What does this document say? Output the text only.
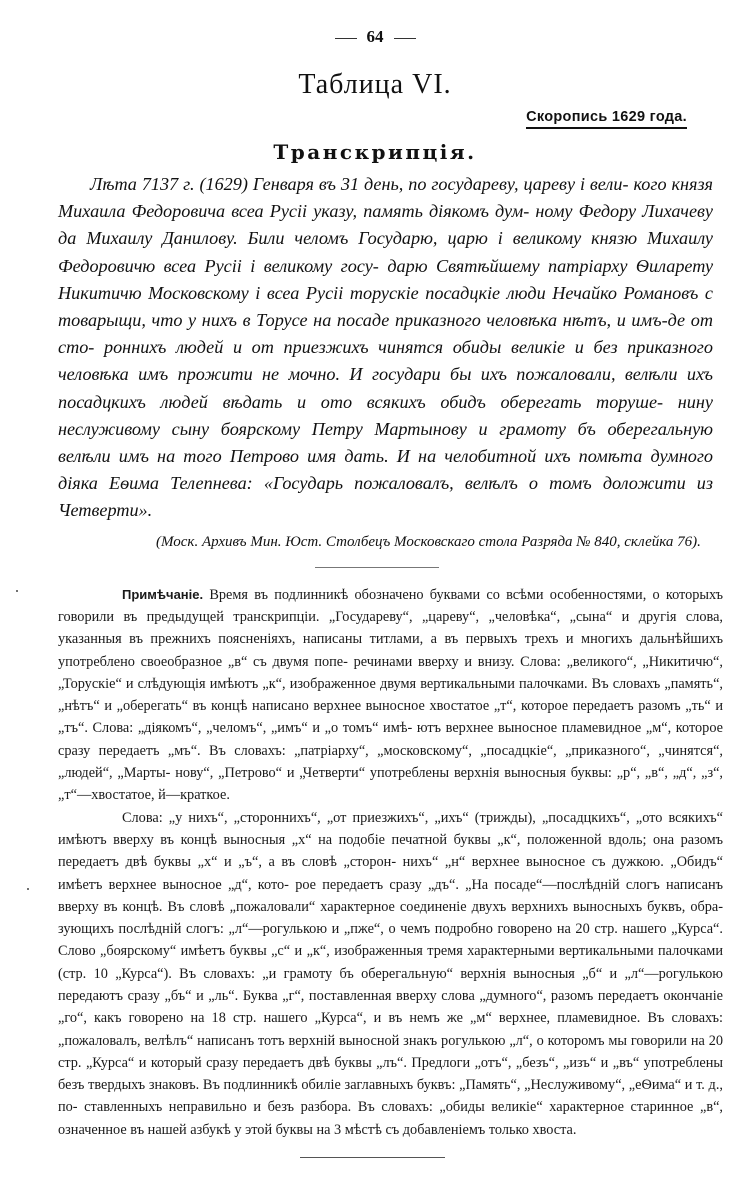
64
Таблица VI.
Скоропись 1629 года.
Транскрипція.
Лѣта 7137 г. (1629) Генваря въ 31 день, по государеву, цареву і вели- кого князя Михаила Федоровича всеа Русіі указу, память діякомъ дум- ному Федору Лихачеву да Михаилу Данилову. Били челомъ Государю, царю і великому князю Михаилу Федоровичю всеа Русіі і великому госу- дарю Святѣйшему патріарху Ѳиларету Никитичю Московскому і всеа Русіі торускіе посадцкіе люди Нечайко Романовъ с товарыщи, что у нихъ в Торусе на посаде приказного человѣка нѣтъ, и имъ-де от сто- роннихъ людей и от приезжихъ чинятся обиды великіе и без приказного человѣка имъ прожити не мочно. И государи бы ихъ пожаловали, велѣли ихъ посадцкихъ людей вѣдать и ото всякихъ обидъ оберегать торуше- нину неслуживому сыну боярскому Петру Мартынову и грамоту бъ оберегальную велѣли имъ на того Петрово имя дать. И на челобитной ихъ помѣта думного діяка Еѳима Телепнева: «Государь пожаловалъ, велѣлъ о томъ доложити из Четверти».
(Моск. Архивъ Мин. Юст. Столбецъ Московскаго стола Разряда № 840, склейка 76).

Примѣчаніе. Время въ подлинникѣ обозначено буквами со всѣми особенностями, о которыхъ говорили въ предыдущей транскрипціи. „Государеву“, „цареву“, „человѣка“, „сына“ и другія слова, указанныя въ прежнихъ поясненіяхъ, написаны титлами, а въ первыхъ трехъ и многихъ дальнѣйшихъ употреблено своеобразное „в“ съ двумя попе- речинами вверху и внизу. Слова: „великого“, „Никитичю“, „Торускіе“ и слѣдующія имѣютъ „к“, изображенное двумя вертикальными палочками. Въ словахъ „память“, „нѣтъ“ и „оберегать“ въ концѣ написано верхнее выносное хвостатое „т“, которое передаетъ разомъ „ть“ и „тъ“. Слова: „діякомъ“, „челомъ“, „имъ“ и „о томъ“ имѣ- ютъ верхнее выносное пламевидное „м“, которое сразу передаетъ „мъ“. Въ словахъ: „патріарху“, „московскому“, „посадцкіе“, „приказного“, „чинятся“, „людей“, „Марты- нову“, „Петрово“ и „Четверти“ употреблены верхнія выносныя буквы: „р“, „в“, „д“, „з“, „т“—хвостатое, й—краткое.

Слова: „у нихъ“, „стороннихъ“, „от приезжихъ“, „ихъ“ (трижды), „посадцкихъ“, „ото всякихъ“ имѣютъ вверху въ концѣ выносныя „х“ на подобіе печатной буквы „к“, положенной вдоль; она разомъ передаетъ двѣ буквы „х“ и „ъ“, а въ словѣ „сторон- нихъ“ „н“ верхнее выносное съ дужкою. „Обидъ“ имѣетъ верхнее выносное „д“, кото- рое передаетъ сразу „дъ“. „На посаде“—послѣдній слогъ написанъ вверху въ концѣ. Въ словѣ „пожаловали“ характерное соединеніе двухъ верхнихъ выносныхъ буквъ, обра- зующихъ послѣдній слогъ: „л“—рогулькою и „пже“, о чемъ подробно говорено на 20 стр. нашего „Курса“. Слово „боярскому“ имѣетъ буквы „с“ и „к“, изображенныя тремя характерными вертикальными палочками (стр. 10 „Курса“). Въ словахъ: „и грамоту бъ оберегальную“ верхнія выносныя „б“ и „л“—рогулькою передаютъ сразу „бъ“ и „ль“. Буква „г“, поставленная вверху слова „думного“, разомъ передаетъ окончаніе „го“, какъ говорено на 18 стр. нашего „Курса“, и въ немъ же „м“ верхнее, пламевидное. Въ словахъ: „пожаловалъ, велѣлъ“ написанъ тотъ верхній выносной знакъ рогулькою „л“, о которомъ мы говорили на 20 стр. „Курса“ и который сразу передаетъ двѣ буквы „лъ“. Предлоги „отъ“, „безъ“, „изъ“ и „въ“ употреблены безъ твердыхъ знаковъ. Въ подлинникѣ обиліе заглавныхъ буквъ: „Память“, „Неслуживому“, „еѲима“ и т. д., по- ставленныхъ неправильно и безъ разбора. Въ словахъ: „обиды великіе“ характерное старинное „в“, означенное въ нашей азбукѣ у этой буквы на 3 мѣстѣ съ добавленіемъ только хвоста.
